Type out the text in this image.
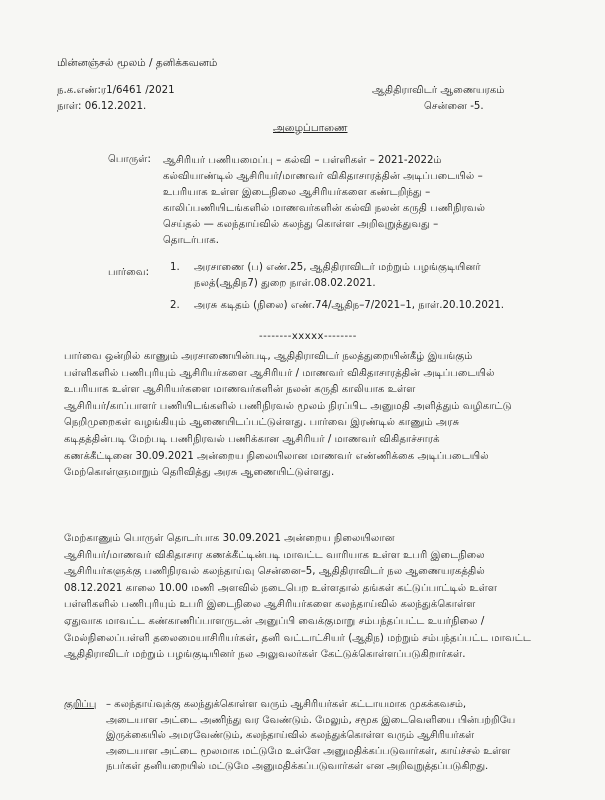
மின்னஞ்சல் மூலம் / தனிக்கவனம்
ந.க.எண்:ர1/6461 /2021
நாள்: 06.12.2021.
ஆதிதிராவிடர் ஆணையரகம்
சென்னை -5.
அழைப்பாணை
பொருள்: ஆசிரியர் பணியமைப்பு – கல்வி – பள்ளிகள் – 2021-2022ம்
கல்வியாண்டில் ஆசிரியர்/மாணவர் விகிதாசாரத்தின் அடிப்படையில் –
உபரியாக உள்ள இடைநிலை ஆசிரியர்களை கண்டறிந்து –
காலிப்பணியிடங்களில் மாணவர்களின் கல்வி நலன் கருதி பணிநிரவல்
செய்தல் — கலந்தாய்வில் கலந்து கொள்ள அறிவுறுத்துவது –
தொடர்பாக.
பார்வை: 1. அரசாணை (ப) எண்.25, ஆதிதிராவிடர் மற்றும் பழங்குடியினர்
நலத்(ஆதிந7) துறை நாள்.08.02.2021.
2. அரசு கடிதம் (நிலை) எண்.74/ஆதிந–7/2021–1, நாள்.20.10.2021.
--------xxxxx--------
பார்வை ஒன்றில் காணும் அரசாணையின்படி, ஆதிதிராவிடர் நலத்துறையின்கீழ் இயங்கும்
பள்ளிகளில் பணிபுரியும் ஆசிரியர்களை ஆசிரியர் / மாணவர் விகிதாசாரத்தின் அடிப்படையில்
உபரியாக உள்ள ஆசிரியர்களை மாணவர்களின் நலன் கருதி காலியாக உள்ள
ஆசிரியர்/காப்பாளர் பணியிடங்களில் பணிநிரவல் மூலம் நிரப்பிட அனுமதி அளித்தும் வழிகாட்டு
நெறிமுறைகள் வழங்கியும் ஆணையிடப்பட்டுள்ளது. பார்வை இரண்டில் காணும் அரசு
கடிதத்தின்படி மேற்படி பணிநிரவல் பணிக்கான ஆசிரியர் / மாணவர் விகிதாச்சாரக்
கணக்கீட்டினை 30.09.2021 அன்றைய நிலையிலான மாணவர் எண்ணிக்கை அடிப்படையில்
மேற்கொள்ளுமாறும் தெரிவித்து அரசு ஆணையிட்டுள்ளது.
மேற்காணும் பொருள் தொடர்பாக 30.09.2021 அன்றைய நிலையிலான
ஆசிரியர்/மாணவர் விகிதாசார கணக்கீட்டின்படி மாவட்ட வாரியாக உள்ள உபரி இடைநிலை
ஆசிரியர்களுக்கு பணிநிரவல் கலந்தாய்வு சென்னை–5, ஆதிதிராவிடர் நல ஆணையரகத்தில்
08.12.2021 காலை 10.00 மணி அளவில் நடைபெற உள்ளதால் தங்கள் கட்டுப்பாட்டில் உள்ள
பள்ளிகளில் பணிபுரியும் உபரி இடைநிலை ஆசிரியர்களை கலந்தாய்வில் கலந்துக்கொள்ள
ஏதுவாக மாவட்ட கண்காணிப்பாளருடன் அனுப்பி வைக்குமாறு சம்பந்தப்பட்ட உயர்நிலை /
மேல்நிலைப்பள்ளி தலைமையாசிரியர்கள், தனி வட்டாட்சியர் (ஆதிந) மற்றும் சம்பந்தப்பட்ட மாவட்ட
ஆதிதிராவிடர் மற்றும் பழங்குடியினர் நல அலுவலர்கள் கேட்டுக்கொள்ளப்படுகிறார்கள்.
குறிப்பு – கலந்தாய்வுக்கு கலந்துக்கொள்ள வரும் ஆசிரியர்கள் கட்டாயமாக முகக்கவசம்,
அடையாள அட்டை அணிந்து வர வேண்டும். மேலும், சமூக இடைவெளியை பின்பற்றியே
இருக்கையில் அமரவேண்டும், கலந்தாய்வில் கலந்துக்கொள்ள வரும் ஆசிரியர்கள்
அடையாள அட்டை மூலமாக மட்டுமே உள்ளே அனுமதிக்கப்படுவார்கள், காய்ச்சல் உள்ள
நபர்கள் தனியறையில் மட்டுமே அனுமதிக்கப்படுவார்கள் என அறிவுறுத்தப்படுகிறது.
